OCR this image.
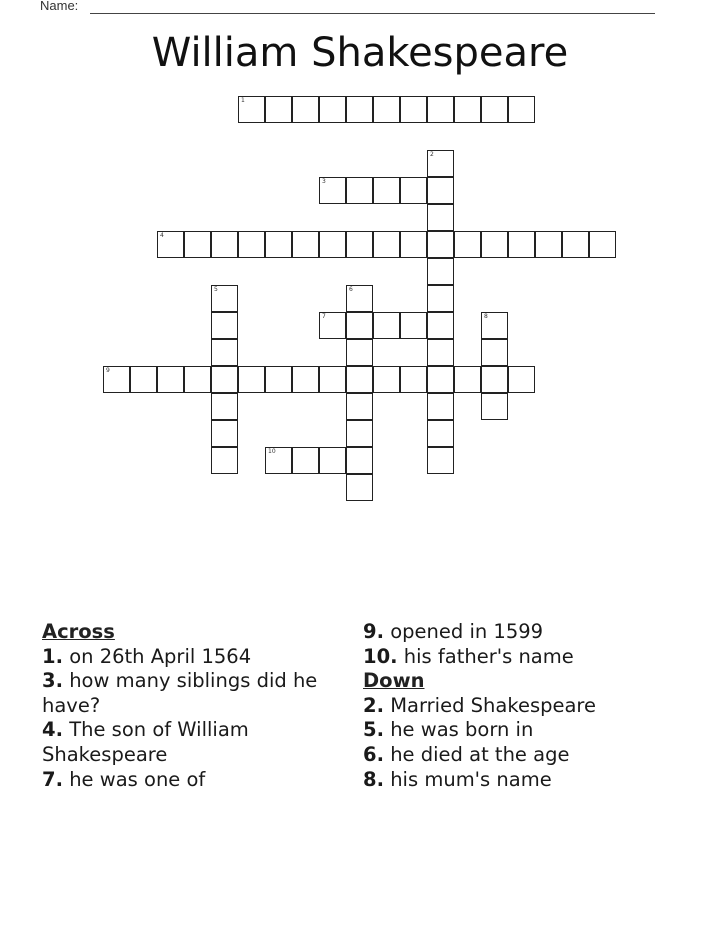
Name:
William Shakespeare
1
2
3
4
5	6
7	8
9
10
Across
1. on 26th April 1564
3. how many siblings did he have?
4. The son of William Shakespeare
7. he was one of
9. opened in 1599
10. his father's name
Down
2. Married Shakespeare
5. he was born in
6. he died at the age
8. his mum's name
